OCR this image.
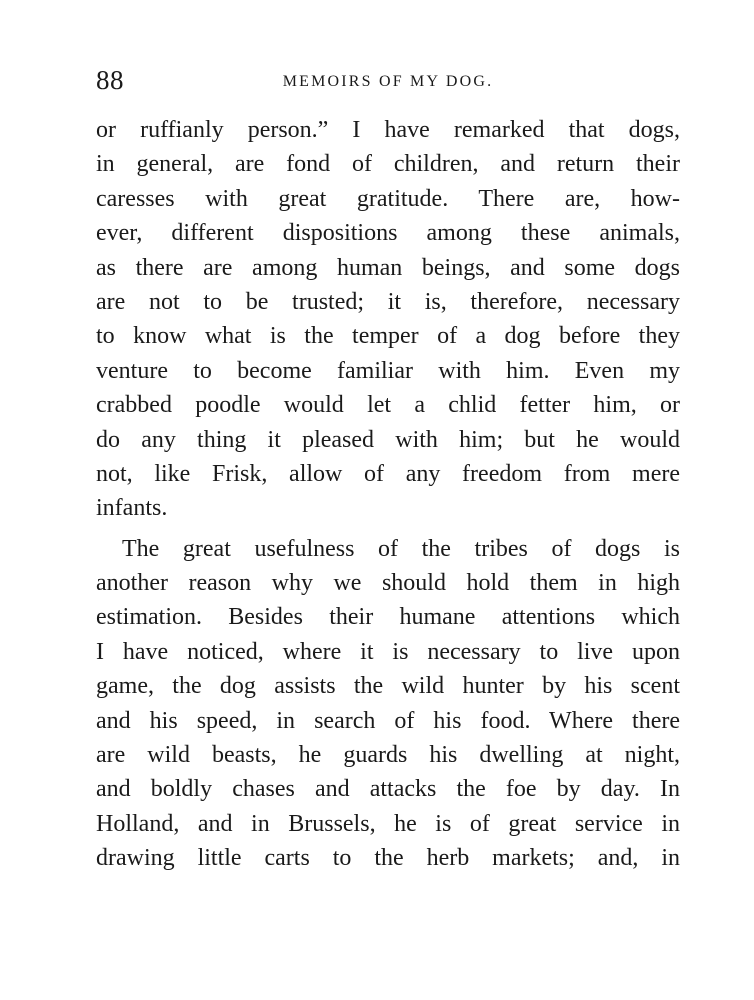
88	MEMOIRS OF MY DOG.
or ruffianly person.” I have remarked that dogs,
in general, are fond of children, and return their
caresses with great gratitude. There are, how-
ever, different dispositions among these animals,
as there are among human beings, and some dogs
are not to be trusted; it is, therefore, necessary
to know what is the temper of a dog before they
venture to become familiar with him. Even my
crabbed poodle would let a chlid fetter him, or
do any thing it pleased with him; but he would
not, like Frisk, allow of any freedom from mere
infants.
The great usefulness of the tribes of dogs is
another reason why we should hold them in high
estimation. Besides their humane attentions which
I have noticed, where it is necessary to live upon
game, the dog assists the wild hunter by his scent
and his speed, in search of his food. Where there
are wild beasts, he guards his dwelling at night,
and boldly chases and attacks the foe by day. In
Holland, and in Brussels, he is of great service in
drawing little carts to the herb markets; and, in
